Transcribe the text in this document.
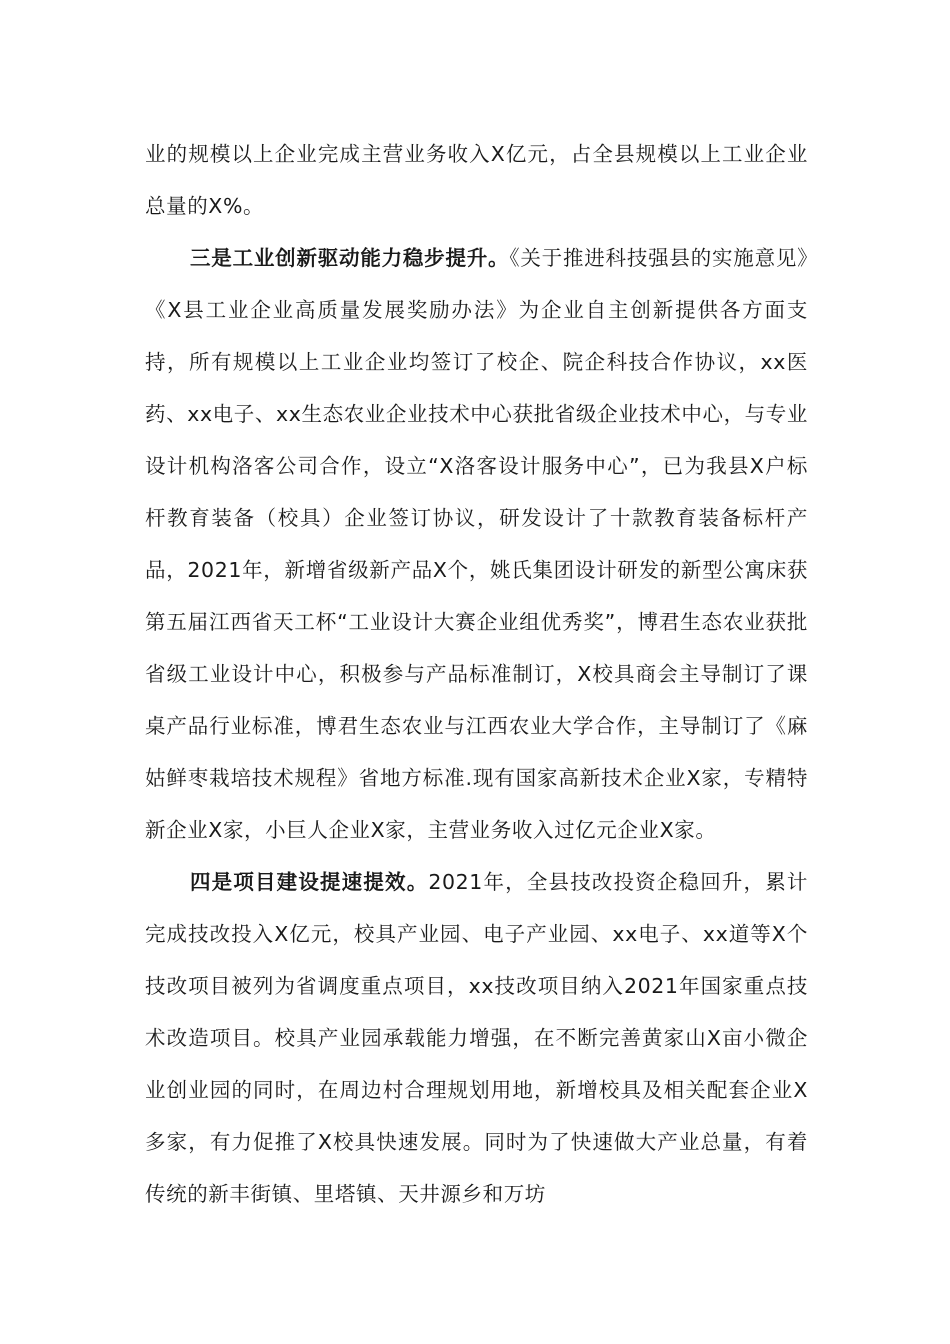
业的规模以上企业完成主营业务收入X亿元，占全县规模以上工业企业总量的X%。

三是工业创新驱动能力稳步提升。《关于推进科技强县的实施意见》《X县工业企业高质量发展奖励办法》为企业自主创新提供各方面支持，所有规模以上工业企业均签订了校企、院企科技合作协议，xx医药、xx电子、xx生态农业企业技术中心获批省级企业技术中心，与专业设计机构洛客公司合作，设立“X洛客设计服务中心”，已为我县X户标杆教育装备（校具）企业签订协议，研发设计了十款教育装备标杆产品，2021年，新增省级新产品X个，姚氏集团设计研发的新型公寓床获第五届江西省天工杯“工业设计大赛企业组优秀奖”，博君生态农业获批省级工业设计中心，积极参与产品标准制订，X校具商会主导制订了课桌产品行业标准，博君生态农业与江西农业大学合作，主导制订了《麻姑鲜枣栽培技术规程》省地方标准.现有国家高新技术企业X家，专精特新企业X家，小巨人企业X家，主营业务收入过亿元企业X家。

四是项目建设提速提效。2021年，全县技改投资企稳回升，累计完成技改投入X亿元，校具产业园、电子产业园、xx电子、xx道等X个技改项目被列为省调度重点项目，xx技改项目纳入2021年国家重点技术改造项目。校具产业园承载能力增强，在不断完善黄家山X亩小微企业创业园的同时，在周边村合理规划用地，新增校具及相关配套企业X多家，有力促推了X校具快速发展。同时为了快速做大产业总量，有着传统的新丰街镇、里塔镇、天井源乡和万坊
